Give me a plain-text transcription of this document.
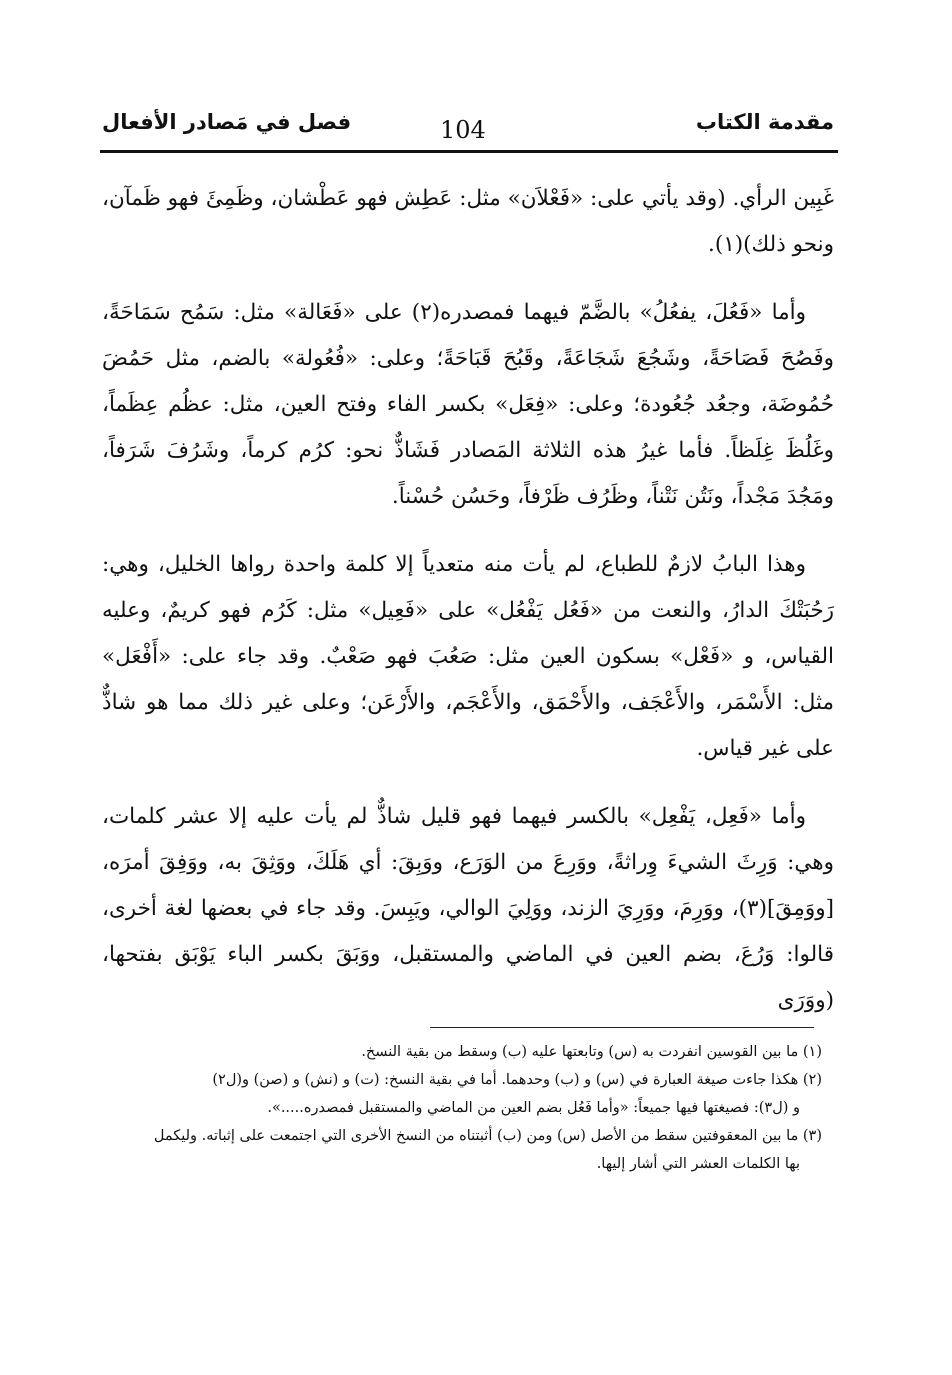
مقدمة الكتاب
104
فصل في مَصادر الأفعال

غَبِين الرأي. (وقد يأتي على: «فَعْلاَن» مثل: عَطِش فهو عَطْشان، وظَمِئَ فهو ظَمآن، ونحو ذلك)(١).

وأما «فَعُلَ، يفعُلُ» بالضَّمّ فيهما فمصدره(٢) على «فَعَالة» مثل: سَمُح سَمَاحَةً، وفَصُحَ فَصَاحَةً، وشَجُعَ شَجَاعَةً، وقَبُحَ قَبَاحَةً؛ وعلى: «فُعُولة» بالضم، مثل حَمُضَ حُمُوضَة، وجعُد جُعُودة؛ وعلى: «فِعَل» بكسر الفاء وفتح العين، مثل: عظُم عِظَماً، وغَلُظَ غِلَظاً. فأما غيرُ هذه الثلاثة المَصادر فَشَاذٌّ نحو: كرُم كرماً، وشَرُفَ شَرَفاً، ومَجُدَ مَجْداً، ونَتُن نَتْناً، وظَرُف ظَرْفاً، وحَسُن حُسْناً.

وهذا البابُ لازمٌ للطباع، لم يأت منه متعدياً إلا كلمة واحدة رواها الخليل، وهي: رَحُبَتْكَ الدارُ، والنعت من «فَعُل يَفْعُل» على «فَعِيل» مثل: كَرُم فهو كريمٌ، وعليه القياس، و «فَعْل» بسكون العين مثل: صَعُبَ فهو صَعْبٌ. وقد جاء على: «أَفْعَل» مثل: الأَسْمَر، والأَعْجَف، والأَحْمَق، والأَعْجَم، والأَرْعَن؛ وعلى غير ذلك مما هو شاذٌّ على غير قياس.

وأما «فَعِل، يَفْعِل» بالكسر فيهما فهو قليل شاذٌّ لم يأت عليه إلا عشر كلمات، وهي: وَرِثَ الشيءَ وِراثةً، ووَرِعَ من الوَرَع، ووَبِقَ: أي هَلَكَ، ووَثِقَ به، ووَفِقَ أمرَه، [ووَمِقَ](٣)، ووَرِمَ، ووَرِيَ الزند، ووَلِيَ الوالي، ويَبِسَ. وقد جاء في بعضها لغة أخرى، قالوا: وَرُعَ، بضم العين في الماضي والمستقبل، ووَبَقَ بكسر الباء يَوْبَق بفتحها، (ووَرَى

(١) ما بين القوسين انفردت به (س) وتابعتها عليه (ب) وسقط من بقية النسخ.

(٢) هكذا جاءت صيغة العبارة في (س) و (ب) وحدهما. أما في بقية النسخ: (ت) و (نش) و (صن) و(ل٢)

و (ل٣): فصيغتها فيها جميعاً: «وأما فَعُل بضم العين من الماضي والمستقبل فمصدره.....».

(٣) ما بين المعقوفتين سقط من الأصل (س) ومن (ب) أثبتناه من النسخ الأخرى التي اجتمعت على إثباته. وليكمل

بها الكلمات العشر التي أشار إليها.
